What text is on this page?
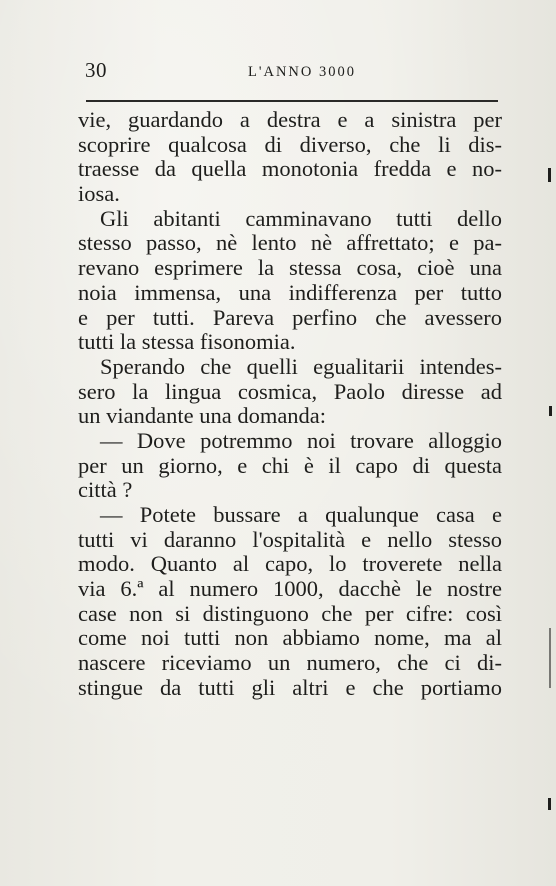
30	L'ANNO 3000

vie, guardando a destra e a sinistra per
scoprire qualcosa di diverso, che li dis-
traesse da quella monotonia fredda e no-
iosa.

Gli abitanti camminavano tutti dello
stesso passo, nè lento nè affrettato; e pa-
revano esprimere la stessa cosa, cioè una
noia immensa, una indifferenza per tutto
e per tutti. Pareva perfino che avessero
tutti la stessa fisonomia.

Sperando che quelli egualitarii intendes-
sero la lingua cosmica, Paolo diresse ad
un viandante una domanda:

— Dove potremmo noi trovare alloggio
per un giorno, e chi è il capo di questa
città ?

— Potete bussare a qualunque casa e
tutti vi daranno l'ospitalità e nello stesso
modo. Quanto al capo, lo troverete nella
via 6.ª al numero 1000, dacchè le nostre
case non si distinguono che per cifre: così
come noi tutti non abbiamo nome, ma al
nascere riceviamo un numero, che ci di-
stingue da tutti gli altri e che portiamo
